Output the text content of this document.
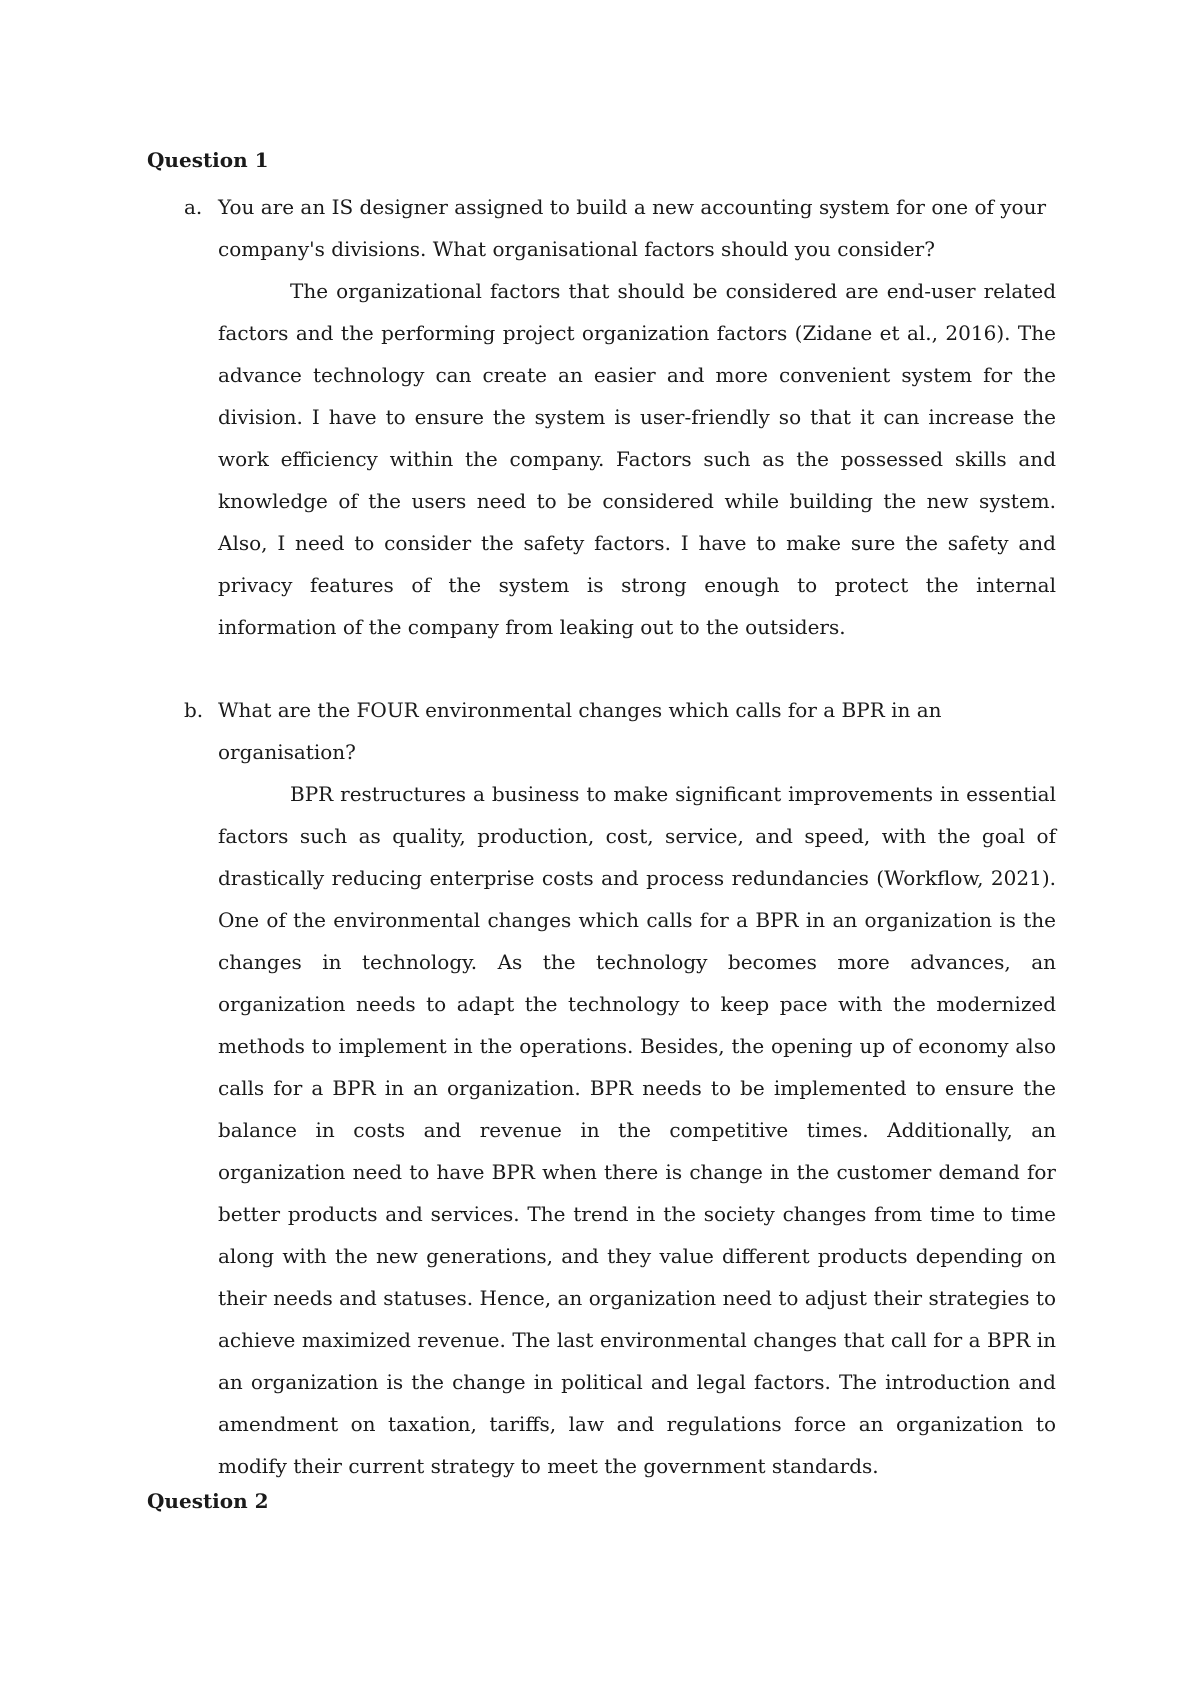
Question 1
a. You are an IS designer assigned to build a new accounting system for one of your company's divisions. What organisational factors should you consider?

The organizational factors that should be considered are end-user related factors and the performing project organization factors (Zidane et al., 2016). The advance technology can create an easier and more convenient system for the division. I have to ensure the system is user-friendly so that it can increase the work efficiency within the company. Factors such as the possessed skills and knowledge of the users need to be considered while building the new system. Also, I need to consider the safety factors. I have to make sure the safety and privacy features of the system is strong enough to protect the internal information of the company from leaking out to the outsiders.

b. What are the FOUR environmental changes which calls for a BPR in an organisation?

BPR restructures a business to make significant improvements in essential factors such as quality, production, cost, service, and speed, with the goal of drastically reducing enterprise costs and process redundancies (Workflow, 2021). One of the environmental changes which calls for a BPR in an organization is the changes in technology. As the technology becomes more advances, an organization needs to adapt the technology to keep pace with the modernized methods to implement in the operations. Besides, the opening up of economy also calls for a BPR in an organization. BPR needs to be implemented to ensure the balance in costs and revenue in the competitive times. Additionally, an organization need to have BPR when there is change in the customer demand for better products and services. The trend in the society changes from time to time along with the new generations, and they value different products depending on their needs and statuses. Hence, an organization need to adjust their strategies to achieve maximized revenue. The last environmental changes that call for a BPR in an organization is the change in political and legal factors. The introduction and amendment on taxation, tariffs, law and regulations force an organization to modify their current strategy to meet the government standards.

Question 2
